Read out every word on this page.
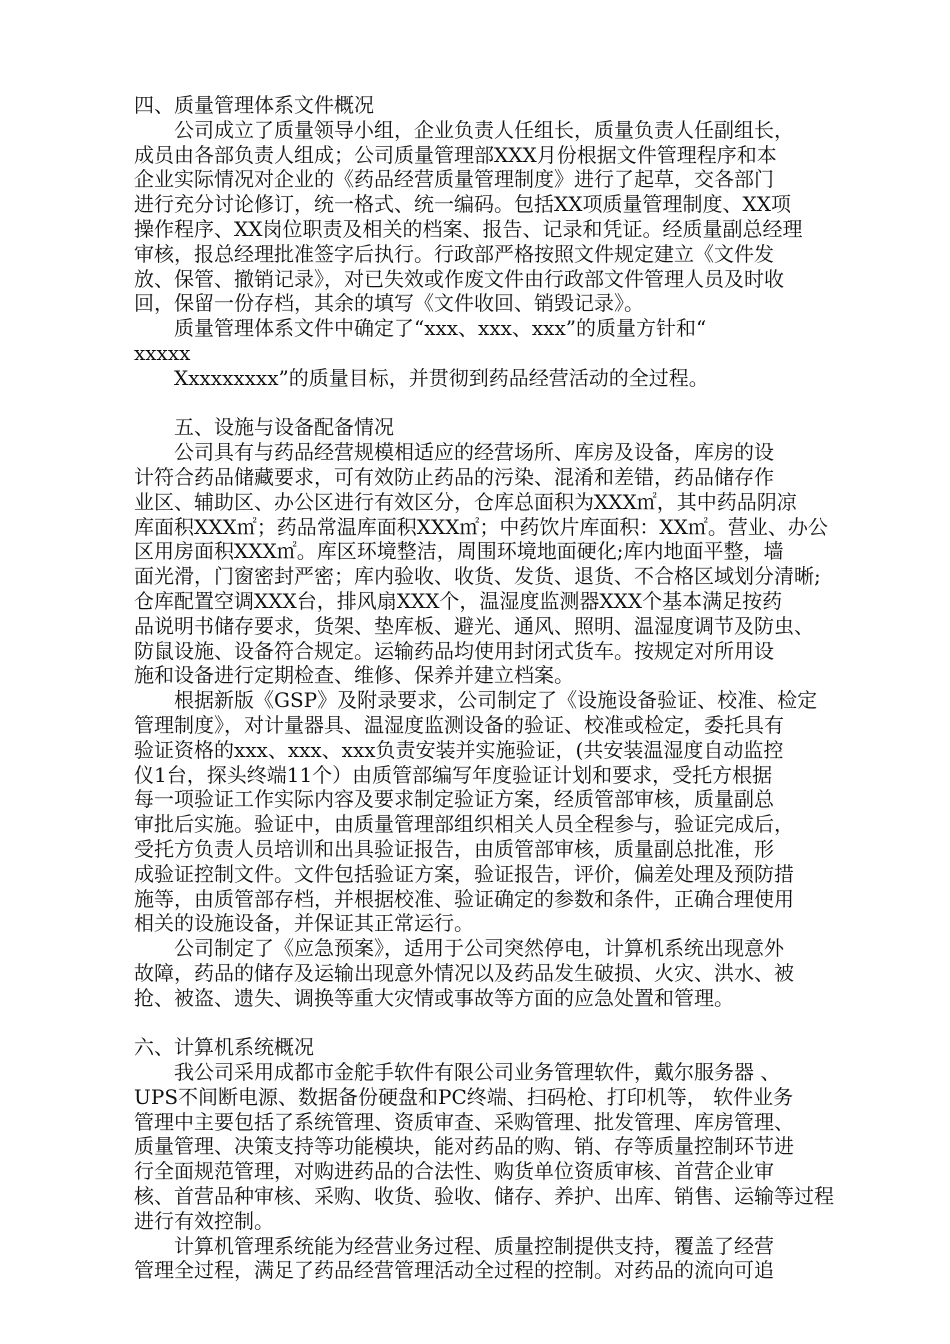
四、质量管理体系文件概况
公司成立了质量领导小组，企业负责人任组长，质量负责人任副组长，
成员由各部负责人组成；公司质量管理部XXX月份根据文件管理程序和本
企业实际情况对企业的《药品经营质量管理制度》进行了起草，交各部门
进行充分讨论修订，统一格式、统一编码。包括XX项质量管理制度、XX项
操作程序、XX岗位职责及相关的档案、报告、记录和凭证。经质量副总经理
审核，报总经理批准签字后执行。行政部严格按照文件规定建立《文件发
放、保管、撤销记录》，对已失效或作废文件由行政部文件管理人员及时收
回，保留一份存档，其余的填写《文件收回、销毁记录》。
质量管理体系文件中确定了“xxx、xxx、xxx”的质量方针和“
xxxxx
Xxxxxxxxx”的质量目标，并贯彻到药品经营活动的全过程。
五、设施与设备配备情况
公司具有与药品经营规模相适应的经营场所、库房及设备，库房的设
计符合药品储藏要求，可有效防止药品的污染、混淆和差错，药品储存作
业区、辅助区、办公区进行有效区分，仓库总面积为XXX㎡，其中药品阴凉
库面积XXX㎡；药品常温库面积XXX㎡；中药饮片库面积：XX㎡。营业、办公
区用房面积XXX㎡。库区环境整洁，周围环境地面硬化;库内地面平整，墙
面光滑，门窗密封严密；库内验收、收货、发货、退货、不合格区域划分清晰;
仓库配置空调XXX台，排风扇XXX个，温湿度监测器XXX个基本满足按药
品说明书储存要求，货架、垫库板、避光、通风、照明、温湿度调节及防虫、
防鼠设施、设备符合规定。运输药品均使用封闭式货车。按规定对所用设
施和设备进行定期检查、维修、保养并建立档案。
根据新版《GSP》及附录要求，公司制定了《设施设备验证、校准、检定
管理制度》，对计量器具、温湿度监测设备的验证、校准或检定，委托具有
验证资格的xxx、xxx、xxx负责安装并实施验证，(共安装温湿度自动监控
仪1台，探头终端11个）由质管部编写年度验证计划和要求，受托方根据
每一项验证工作实际内容及要求制定验证方案，经质管部审核，质量副总
审批后实施。验证中，由质量管理部组织相关人员全程参与，验证完成后，
受托方负责人员培训和出具验证报告，由质管部审核，质量副总批准，形
成验证控制文件。文件包括验证方案，验证报告，评价，偏差处理及预防措
施等，由质管部存档，并根据校准、验证确定的参数和条件，正确合理使用
相关的设施设备，并保证其正常运行。
公司制定了《应急预案》，适用于公司突然停电，计算机系统出现意外
故障，药品的储存及运输出现意外情况以及药品发生破损、火灾、洪水、被
抢、被盗、遗失、调换等重大灾情或事故等方面的应急处置和管理。
六、计算机系统概况
我公司采用成都市金舵手软件有限公司业务管理软件，戴尔服务器 、
UPS不间断电源、数据备份硬盘和PC终端、扫码枪、打印机等， 软件业务
管理中主要包括了系统管理、资质审查、采购管理、批发管理、库房管理、
质量管理、决策支持等功能模块，能对药品的购、销、存等质量控制环节进
行全面规范管理，对购进药品的合法性、购货单位资质审核、首营企业审
核、首营品种审核、采购、收货、验收、储存、养护、出库、销售、运输等过程
进行有效控制。
计算机管理系统能为经营业务过程、质量控制提供支持，覆盖了经营
管理全过程，满足了药品经营管理活动全过程的控制。对药品的流向可追
